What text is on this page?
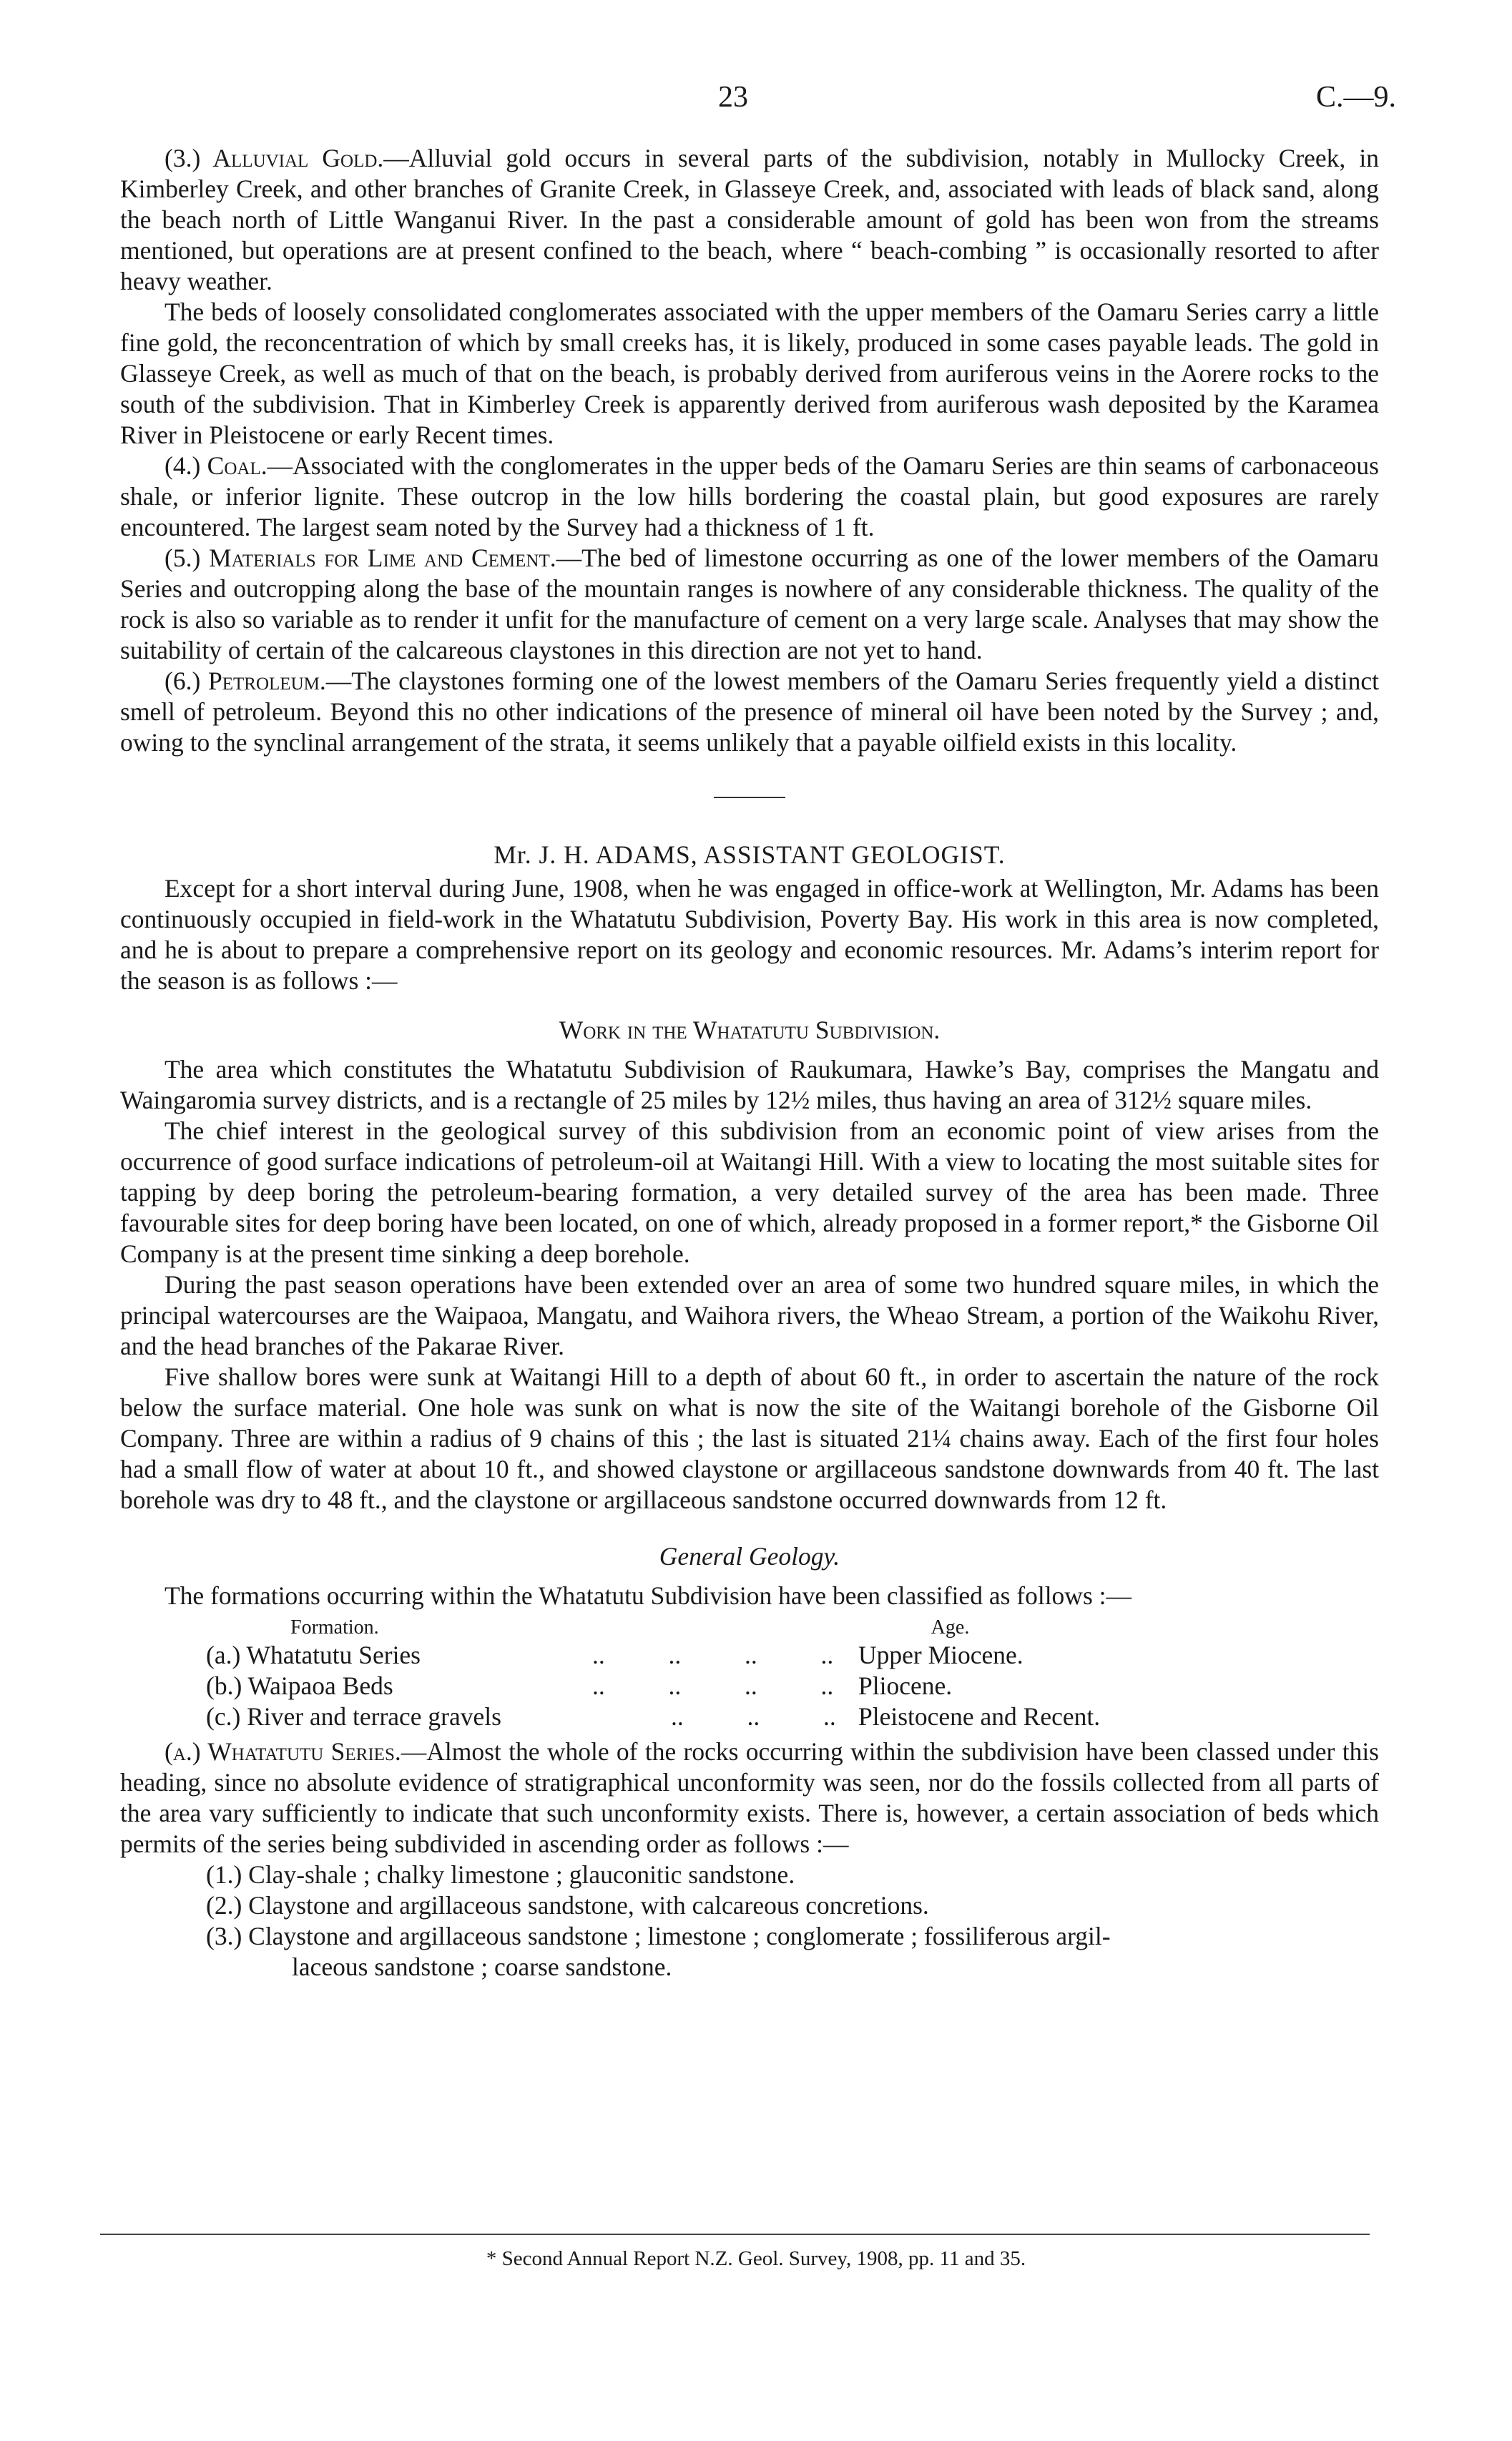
23	C.—9.

(3.) Alluvial Gold.—Alluvial gold occurs in several parts of the subdivision, notably in Mullocky Creek, in Kimberley Creek, and other branches of Granite Creek, in Glasseye Creek, and, associated with leads of black sand, along the beach north of Little Wanganui River. In the past a considerable amount of gold has been won from the streams mentioned, but operations are at present confined to the beach, where “ beach-combing ” is occasionally resorted to after heavy weather.

The beds of loosely consolidated conglomerates associated with the upper members of the Oamaru Series carry a little fine gold, the reconcentration of which by small creeks has, it is likely, produced in some cases payable leads. The gold in Glasseye Creek, as well as much of that on the beach, is probably derived from auriferous veins in the Aorere rocks to the south of the subdivision. That in Kimberley Creek is apparently derived from auriferous wash deposited by the Karamea River in Pleistocene or early Recent times.

(4.) Coal.—Associated with the conglomerates in the upper beds of the Oamaru Series are thin seams of carbonaceous shale, or inferior lignite. These outcrop in the low hills bordering the coastal plain, but good exposures are rarely encountered. The largest seam noted by the Survey had a thickness of 1 ft.

(5.) Materials for Lime and Cement.—The bed of limestone occurring as one of the lower members of the Oamaru Series and outcropping along the base of the mountain ranges is nowhere of any considerable thickness. The quality of the rock is also so variable as to render it unfit for the manufacture of cement on a very large scale. Analyses that may show the suitability of certain of the calcareous claystones in this direction are not yet to hand.

(6.) Petroleum.—The claystones forming one of the lowest members of the Oamaru Series frequently yield a distinct smell of petroleum. Beyond this no other indications of the presence of mineral oil have been noted by the Survey ; and, owing to the synclinal arrangement of the strata, it seems unlikely that a payable oilfield exists in this locality.

Mr. J. H. ADAMS, ASSISTANT GEOLOGIST.

Except for a short interval during June, 1908, when he was engaged in office-work at Wellington, Mr. Adams has been continuously occupied in field-work in the Whatatutu Subdivision, Poverty Bay. His work in this area is now completed, and he is about to prepare a comprehensive report on its geology and economic resources. Mr. Adams’s interim report for the season is as follows :—

Work in the Whatatutu Subdivision.

The area which constitutes the Whatatutu Subdivision of Raukumara, Hawke’s Bay, comprises the Mangatu and Waingaromia survey districts, and is a rectangle of 25 miles by 12½ miles, thus having an area of 312½ square miles.

The chief interest in the geological survey of this subdivision from an economic point of view arises from the occurrence of good surface indications of petroleum-oil at Waitangi Hill. With a view to locating the most suitable sites for tapping by deep boring the petroleum-bearing formation, a very detailed survey of the area has been made. Three favourable sites for deep boring have been located, on one of which, already proposed in a former report,* the Gisborne Oil Company is at the present time sinking a deep borehole.

During the past season operations have been extended over an area of some two hundred square miles, in which the principal watercourses are the Waipaoa, Mangatu, and Waihora rivers, the Wheao Stream, a portion of the Waikohu River, and the head branches of the Pakarae River.

Five shallow bores were sunk at Waitangi Hill to a depth of about 60 ft., in order to ascertain the nature of the rock below the surface material. One hole was sunk on what is now the site of the Waitangi borehole of the Gisborne Oil Company. Three are within a radius of 9 chains of this ; the last is situated 21¼ chains away. Each of the first four holes had a small flow of water at about 10 ft., and showed claystone or argillaceous sandstone downwards from 40 ft. The last borehole was dry to 48 ft., and the claystone or argillaceous sandstone occurred downwards from 12 ft.

General Geology.

The formations occurring within the Whatatutu Subdivision have been classified as follows :—

Formation.	Age.
(a.) Whatatutu Series	..          ..          ..          .. Upper Miocene.
(b.) Waipaoa Beds	..          ..          ..          .. Pliocene.
(c.) River and terrace gravels	..          ..          .. Pleistocene and Recent.

(a.) Whatatutu Series.—Almost the whole of the rocks occurring within the subdivision have been classed under this heading, since no absolute evidence of stratigraphical unconformity was seen, nor do the fossils collected from all parts of the area vary sufficiently to indicate that such unconformity exists. There is, however, a certain association of beds which permits of the series being subdivided in ascending order as follows :—

(1.) Clay-shale ; chalky limestone ; glauconitic sandstone.
(2.) Claystone and argillaceous sandstone, with calcareous concretions.
(3.) Claystone and argillaceous sandstone ; limestone ; conglomerate ; fossiliferous argil-
laceous sandstone ; coarse sandstone.
* Second Annual Report N.Z. Geol. Survey, 1908, pp. 11 and 35.
